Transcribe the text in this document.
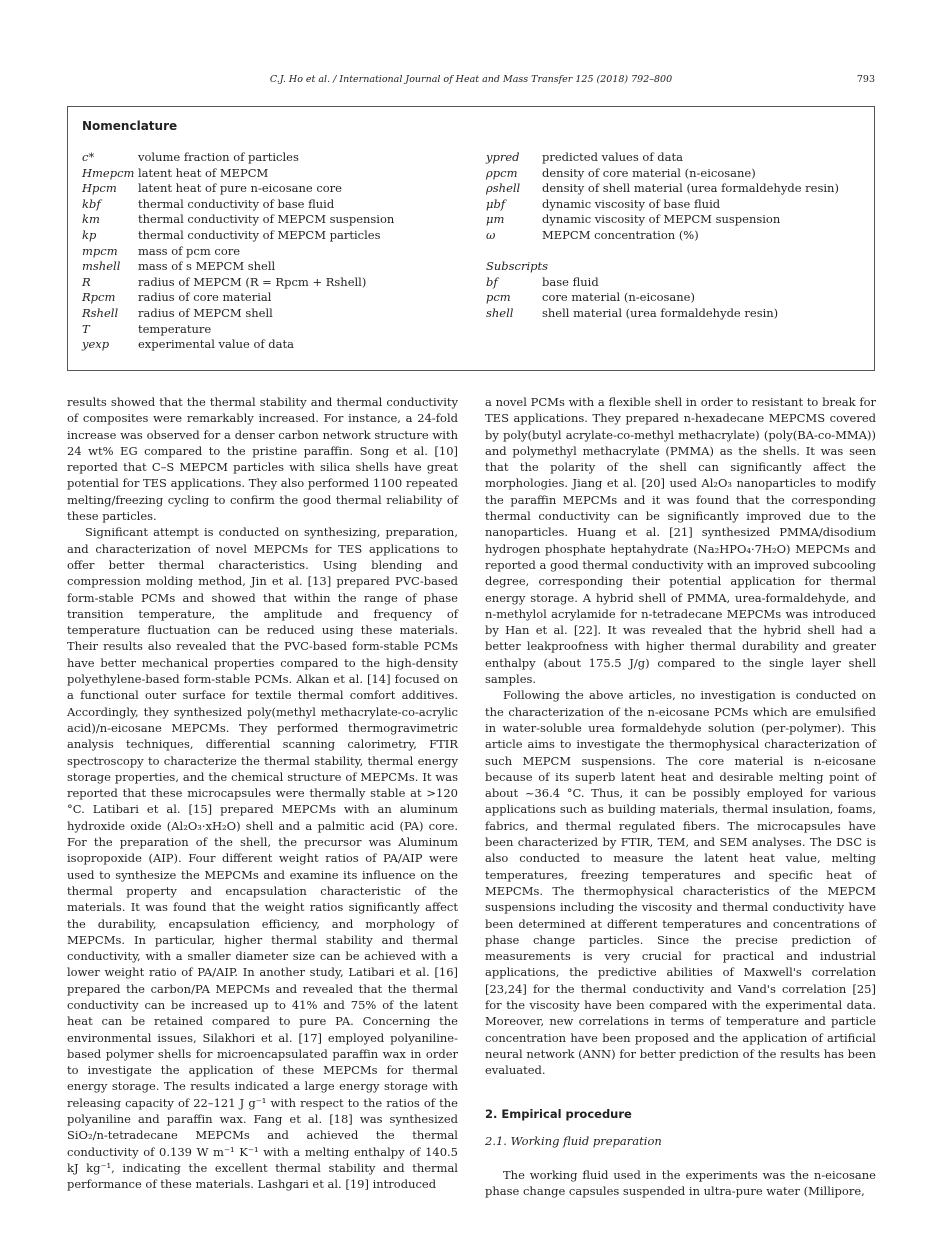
C.J. Ho et al. / International Journal of Heat and Mass Transfer 125 (2018) 792–800	793
Nomenclature
c*	volume fraction of particles
Hmepcm latent heat of MEPCM
Hpcm	latent heat of pure n-eicosane core
kbf	thermal conductivity of base fluid
km	thermal conductivity of MEPCM suspension
kp	thermal conductivity of MEPCM particles
mpcm	mass of pcm core
mshell	mass of s MEPCM shell
R	radius of MEPCM (R = Rpcm + Rshell)
Rpcm	radius of core material
Rshell	radius of MEPCM shell
T	temperature
yexp	experimental value of data
ypred	predicted values of data
ρpcm	density of core material (n-eicosane)
ρshell	density of shell material (urea formaldehyde resin)
μbf	dynamic viscosity of base fluid
μm	dynamic viscosity of MEPCM suspension
ω	MEPCM concentration (%)
Subscripts
bf	base fluid
pcm	core material (n-eicosane)
shell	shell material (urea formaldehyde resin)

results showed that the thermal stability and thermal conductivity of composites were remarkably increased. For instance, a 24-fold increase was observed for a denser carbon network structure with 24 wt% EG compared to the pristine paraffin. Song et al. [10] reported that C–S MEPCM particles with silica shells have great potential for TES applications. They also performed 1100 repeated melting/freezing cycling to confirm the good thermal reliability of these particles.

Significant attempt is conducted on synthesizing, preparation, and characterization of novel MEPCMs for TES applications to offer better thermal characteristics. Using blending and compression molding method, Jin et al. [13] prepared PVC-based form-stable PCMs and showed that within the range of phase transition temperature, the amplitude and frequency of temperature fluctuation can be reduced using these materials. Their results also revealed that the PVC-based form-stable PCMs have better mechanical properties compared to the high-density polyethylene-based form-stable PCMs. Alkan et al. [14] focused on a functional outer surface for textile thermal comfort additives. Accordingly, they synthesized poly(methyl methacrylate-co-acrylic acid)/n-eicosane MEPCMs. They performed thermogravimetric analysis techniques, differential scanning calorimetry, FTIR spectroscopy to characterize the thermal stability, thermal energy storage properties, and the chemical structure of MEPCMs. It was reported that these microcapsules were thermally stable at >120 °C. Latibari et al. [15] prepared MEPCMs with an aluminum hydroxide oxide (Al₂O₃·xH₂O) shell and a palmitic acid (PA) core. For the preparation of the shell, the precursor was Aluminum isopropoxide (AIP). Four different weight ratios of PA/AIP were used to synthesize the MEPCMs and examine its influence on the thermal property and encapsulation characteristic of the materials. It was found that the weight ratios significantly affect the durability, encapsulation efficiency, and morphology of MEPCMs. In particular, higher thermal stability and thermal conductivity, with a smaller diameter size can be achieved with a lower weight ratio of PA/AIP. In another study, Latibari et al. [16] prepared the carbon/PA MEPCMs and revealed that the thermal conductivity can be increased up to 41% and 75% of the latent heat can be retained compared to pure PA. Concerning the environmental issues, Silakhori et al. [17] employed polyaniline-based polymer shells for microencapsulated paraffin wax in order to investigate the application of these MEPCMs for thermal energy storage. The results indicated a large energy storage with releasing capacity of 22–121 J g⁻¹ with respect to the ratios of the polyaniline and paraffin wax. Fang et al. [18] was synthesized SiO₂/n-tetradecane MEPCMs and achieved the thermal conductivity of 0.139 W m⁻¹ K⁻¹ with a melting enthalpy of 140.5 kJ kg⁻¹, indicating the excellent thermal stability and thermal performance of these materials. Lashgari et al. [19] introduced

a novel PCMs with a flexible shell in order to resistant to break for TES applications. They prepared n-hexadecane MEPCMS covered by poly(butyl acrylate-co-methyl methacrylate) (poly(BA-co-MMA)) and polymethyl methacrylate (PMMA) as the shells. It was seen that the polarity of the shell can significantly affect the morphologies. Jiang et al. [20] used Al₂O₃ nanoparticles to modify the paraffin MEPCMs and it was found that the corresponding thermal conductivity can be significantly improved due to the nanoparticles. Huang et al. [21] synthesized PMMA/disodium hydrogen phosphate heptahydrate (Na₂HPO₄·7H₂O) MEPCMs and reported a good thermal conductivity with an improved subcooling degree, corresponding their potential application for thermal energy storage. A hybrid shell of PMMA, urea-formaldehyde, and n-methylol acrylamide for n-tetradecane MEPCMs was introduced by Han et al. [22]. It was revealed that the hybrid shell had a better leakproofness with higher thermal durability and greater enthalpy (about 175.5 J/g) compared to the single layer shell samples.

Following the above articles, no investigation is conducted on the characterization of the n-eicosane PCMs which are emulsified in water-soluble urea formaldehyde solution (per-polymer). This article aims to investigate the thermophysical characterization of such MEPCM suspensions. The core material is n-eicosane because of its superb latent heat and desirable melting point of about ~36.4 °C. Thus, it can be possibly employed for various applications such as building materials, thermal insulation, foams, fabrics, and thermal regulated fibers. The microcapsules have been characterized by FTIR, TEM, and SEM analyses. The DSC is also conducted to measure the latent heat value, melting temperatures, freezing temperatures and specific heat of MEPCMs. The thermophysical characteristics of the MEPCM suspensions including the viscosity and thermal conductivity have been determined at different temperatures and concentrations of phase change particles. Since the precise prediction of measurements is very crucial for practical and industrial applications, the predictive abilities of Maxwell's correlation [23,24] for the thermal conductivity and Vand's correlation [25] for the viscosity have been compared with the experimental data. Moreover, new correlations in terms of temperature and particle concentration have been proposed and the application of artificial neural network (ANN) for better prediction of the results has been evaluated.

2. Empirical procedure
2.1. Working fluid preparation

The working fluid used in the experiments was the n-eicosane phase change capsules suspended in ultra-pure water (Millipore,
